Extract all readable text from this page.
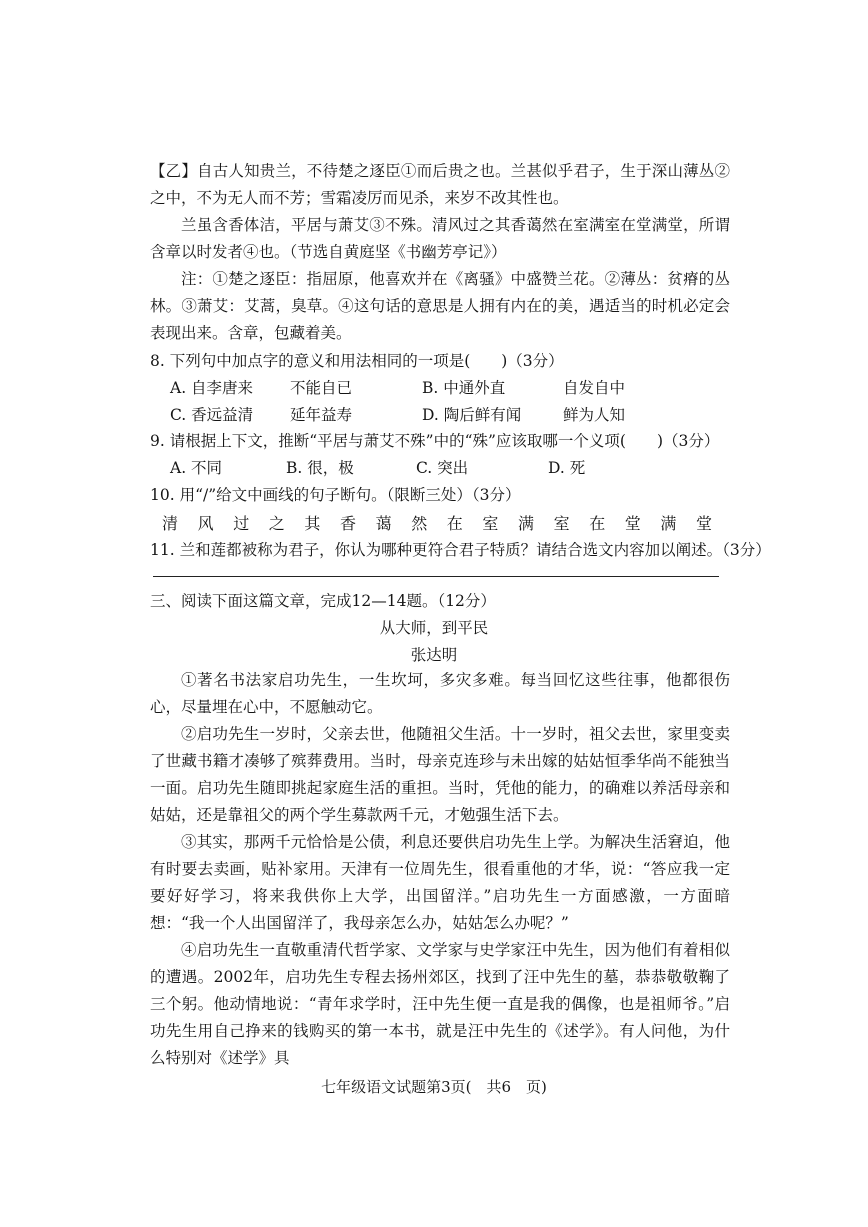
【乙】自古人知贵兰，不待楚之逐臣①而后贵之也。兰甚似乎君子，生于深山薄丛②之中，不为无人而不芳；雪霜凌厉而见杀，来岁不改其性也。

兰虽含香体洁，平居与萧艾③不殊。清风过之其香蔼然在室满室在堂满堂，所谓含章以时发者④也。（节选自黄庭坚《书幽芳亭记》）

注：①楚之逐臣：指屈原，他喜欢并在《离骚》中盛赞兰花。②薄丛：贫瘠的丛林。③萧艾：艾蒿，臭草。④这句话的意思是人拥有内在的美，遇适当的时机必定会表现出来。含章，包藏着美。

8. 下列句中加点字的意义和用法相同的一项是(　　)（3分）
A. 自李唐来 不能自已	B. 中通外直	自发自中
C. 香远益清 延年益寿	D. 陶后鲜有闻	鲜为人知
9. 请根据上下文，推断“平居与萧艾不殊”中的“殊”应该取哪一个义项(　　)（3分）
A. 不同	B. 很，极	C. 突出	D. 死
10. 用“/”给文中画线的句子断句。（限断三处）（3分）
清风过之其香蔼然在室满室在堂满堂
11. 兰和莲都被称为君子，你认为哪种更符合君子特质？请结合选文内容加以阐述。（3分）
三、阅读下面这篇文章，完成12—14题。（12分）
从大师，到平民
张达明

①著名书法家启功先生，一生坎坷，多灾多难。每当回忆这些往事，他都很伤心，尽量埋在心中，不愿触动它。

②启功先生一岁时，父亲去世，他随祖父生活。十一岁时，祖父去世，家里变卖了世藏书籍才凑够了殡葬费用。当时，母亲克连珍与未出嫁的姑姑恒季华尚不能独当一面。启功先生随即挑起家庭生活的重担。当时，凭他的能力，的确难以养活母亲和姑姑，还是靠祖父的两个学生募款两千元，才勉强生活下去。

③其实，那两千元恰恰是公债，利息还要供启功先生上学。为解决生活窘迫，他有时要去卖画，贴补家用。天津有一位周先生，很看重他的才华，说：“答应我一定要好好学习，将来我供你上大学，出国留洋。”启功先生一方面感激，一方面暗想：“我一个人出国留洋了，我母亲怎么办，姑姑怎么办呢？”

④启功先生一直敬重清代哲学家、文学家与史学家汪中先生，因为他们有着相似的遭遇。2002年，启功先生专程去扬州郊区，找到了汪中先生的墓，恭恭敬敬鞠了三个躬。他动情地说：“青年求学时，汪中先生便一直是我的偶像，也是祖师爷。”启功先生用自己挣来的钱购买的第一本书，就是汪中先生的《述学》。有人问他，为什么特别对《述学》具

七年级语文试题第3页(　共6　页)
